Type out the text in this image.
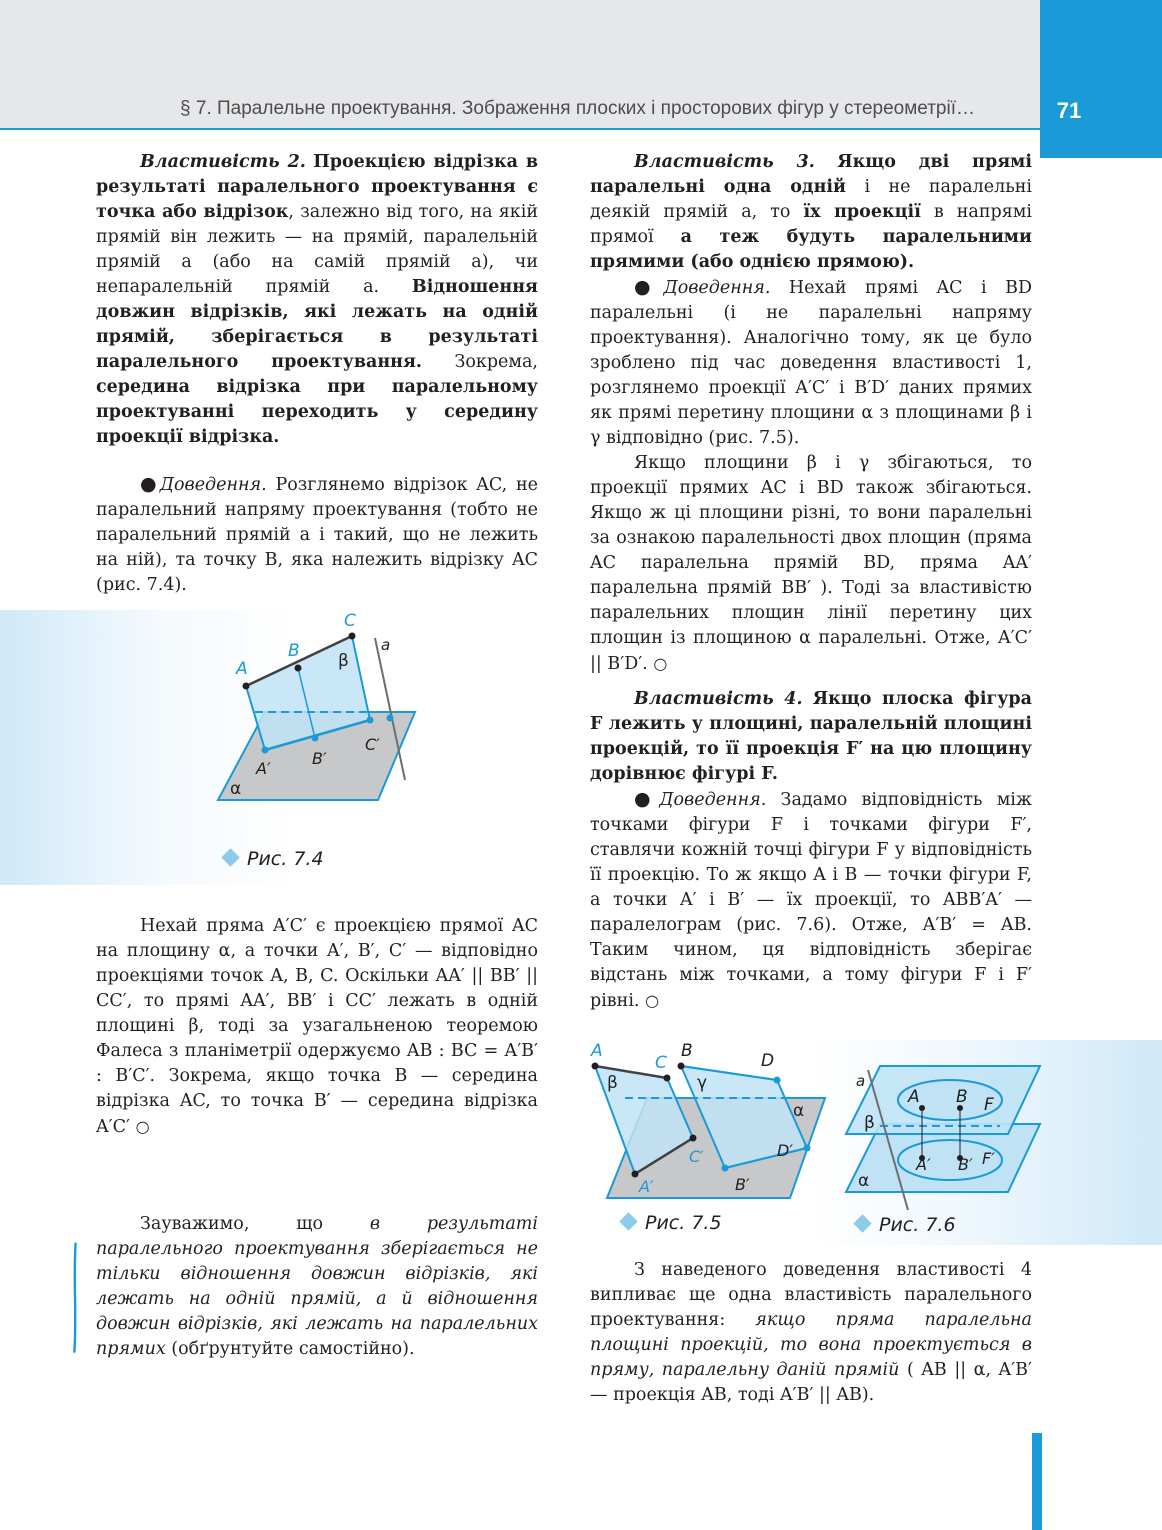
§ 7. Паралельне проектування. Зображення плоских і просторових фігур у стереометрії…	71

Властивість 2. Проекцією відрізка в результаті паралельного проектування є точка або відрізок, залежно від того, на якій прямій він лежить — на прямій, паралельній прямій a (або на самій прямій a), чи непаралельній прямій a. Відношення довжин відрізків, які лежать на одній прямій, зберігається в результаті паралельного проектування. Зокрема, середина відрізка при паралельному проектуванні переходить у середину проекції відрізка.

●Доведення. Розглянемо відрізок AC, не паралельний напряму проектування (тобто не паралельний прямій a і такий, що не лежить на ній), та точку B, яка належить відрізку AC (рис. 7.4).

A
B
C
β
a
A′
B′
C′
α
Рис. 7.4

Нехай пряма A′C′ є проекцією прямої AC на площину α, а точки A′, B′, C′ — відповідно проекціями точок A, B, C. Оскільки AA′ || BB′ || CC′, то прямі AA′, BB′ і CC′ лежать в одній площині β, тоді за узагальненою теоремою Фалеса з планіметрії одержуємо AB : BC = A′B′ : B′C′. Зокрема, якщо точка B — середина відрізка AC, то точка B′ — середина відрізка A′C′ ○

Зауважимо, що	в результаті паралельного проектування зберігається не тільки відношення довжин відрізків, які лежать на одній прямій, а й відношення довжин відрізків, які лежать на паралельних прямих (обґрунтуйте самостійно).

Властивість 3. Якщо дві прямі паралельні одна одній і не паралельні деякій прямій a, то їх проекції в напрямі прямої a теж будуть паралельними прямими (або однією прямою).

●Доведення. Нехай прямі AC і BD паралельні (і не паралельні напряму проектування). Аналогічно тому, як це було зроблено під час доведення властивості 1, розглянемо проекції A′C′ і B′D′ даних прямих як прямі перетину площини α з площинами β і γ відповідно (рис. 7.5).

Якщо площини β і γ збігаються, то проекції прямих AC і BD також збігаються. Якщо ж ці площини різні, то вони паралельні за ознакою паралельності двох площин (пряма AC паралельна прямій BD, пряма AA′ паралельна прямій BB′ ). Тоді за властивістю паралельних площин лінії перетину цих площин із площиною α паралельні. Отже, A′C′ || B′D′. ○

Властивість 4. Якщо плоска фігура F лежить у площині, паралельній площині проекцій, то її проекція F′ на цю площину дорівнює фігурі F.

●Доведення. Задамо відповідність між точками фігури F і точками фігури F′, ставлячи кожній точці фігури F у відповідність її проекцію. То ж якщо A і B — точки фігури F, а точки A′ і B′ — їх проекції, то ABB′A′ — паралелограм (рис. 7.6). Отже, A′B′ = AB. Таким чином, ця відповідність зберігає відстань між точками, а тому фігури F і F′ рівні. ○

A
C
B	D
β	γ
α
C′	D′
A′	B′
Рис. 7.5
a
β
α
A B F
A′ B′ F′
Рис. 7.6

З наведеного доведення властивості 4 випливає ще одна властивість паралельного проектування: якщо пряма паралельна площині проекцій, то вона проектується в пряму, паралельну даній прямій ( AB || α, A′B′ — проекція AB, тоді A′B′ || AB).
